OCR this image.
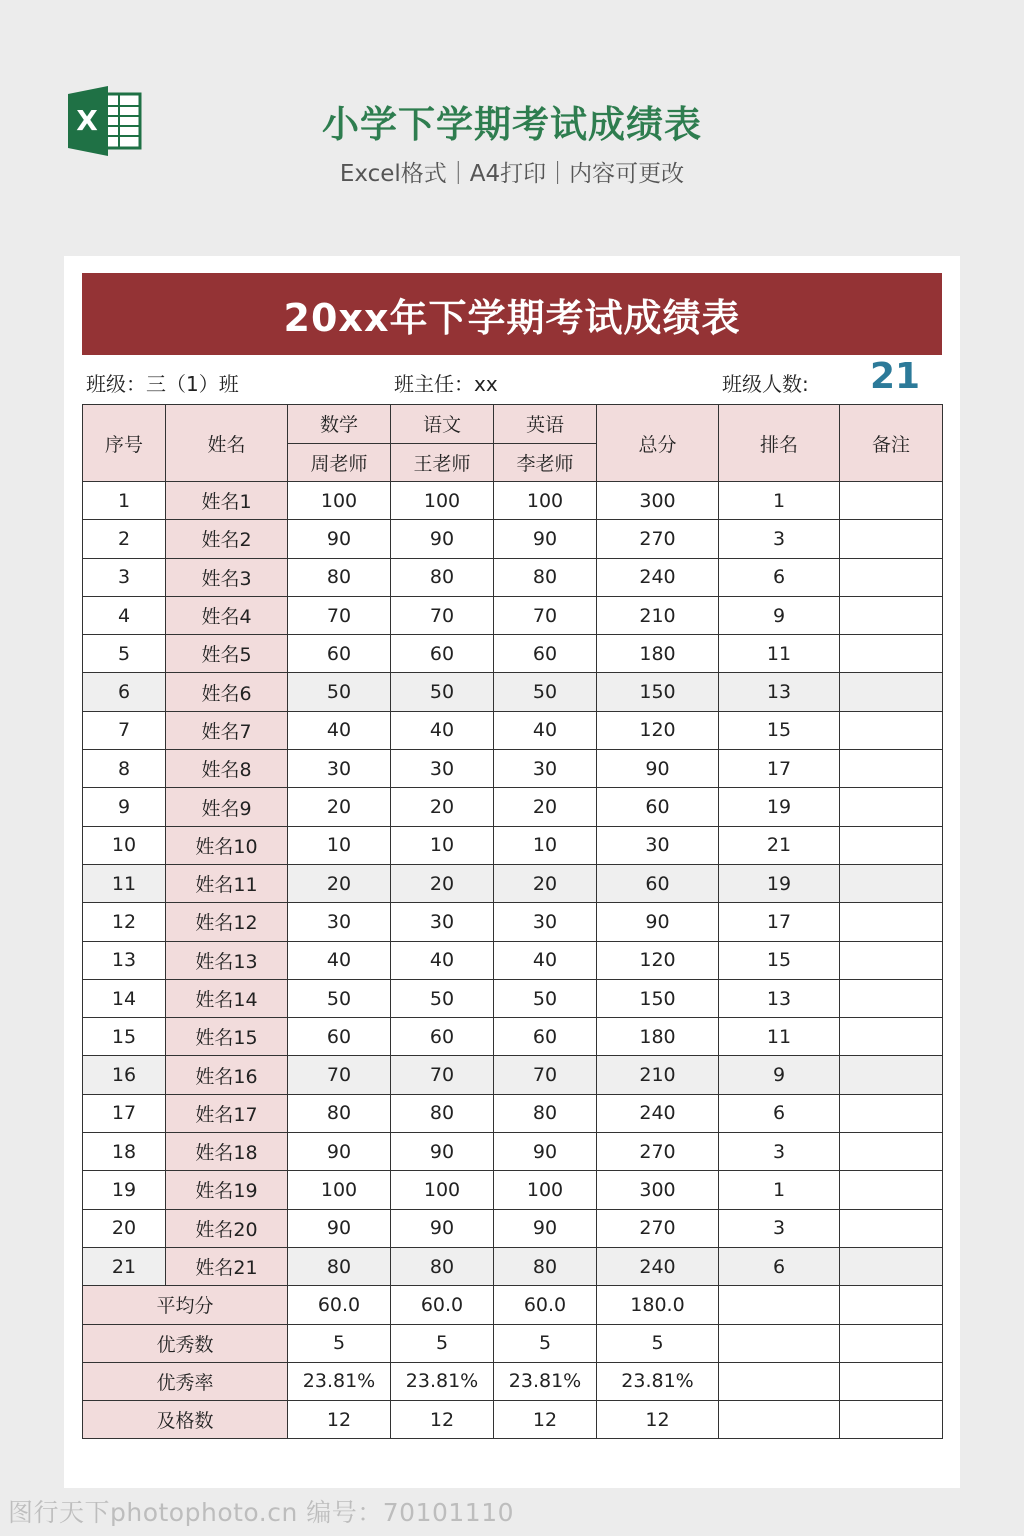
X	小学下学期考试成绩表
Excel格式｜A4打印｜内容可更改
20xx年下学期考试成绩表
班级：三（1）班	班主任：xx	班级人数: 21
序号	姓名	数学	语文	英语	总分	排名	备注
		周老师	王老师	李老师			
1	姓名1	100	100	100	300	1	
2	姓名2	90	90	90	270	3	
3	姓名3	80	80	80	240	6	
4	姓名4	70	70	70	210	9	
5	姓名5	60	60	60	180	11	
6	姓名6	50	50	50	150	13	
7	姓名7	40	40	40	120	15	
8	姓名8	30	30	30	90	17	
9	姓名9	20	20	20	60	19	
10	姓名10	10	10	10	30	21	
11	姓名11	20	20	20	60	19	
12	姓名12	30	30	30	90	17	
13	姓名13	40	40	40	120	15	
14	姓名14	50	50	50	150	13	
15	姓名15	60	60	60	180	11	
16	姓名16	70	70	70	210	9	
17	姓名17	80	80	80	240	6	
18	姓名18	90	90	90	270	3	
19	姓名19	100	100	100	300	1	
20	姓名20	90	90	90	270	3	
21	姓名21	80	80	80	240	6	
平均分		60.0	60.0	60.0	180.0		
优秀数		5	5	5	5		
优秀率		23.81%	23.81%	23.81%	23.81%		
及格数		12	12	12	12		
图行天下photophoto.cn 编号：70101110
